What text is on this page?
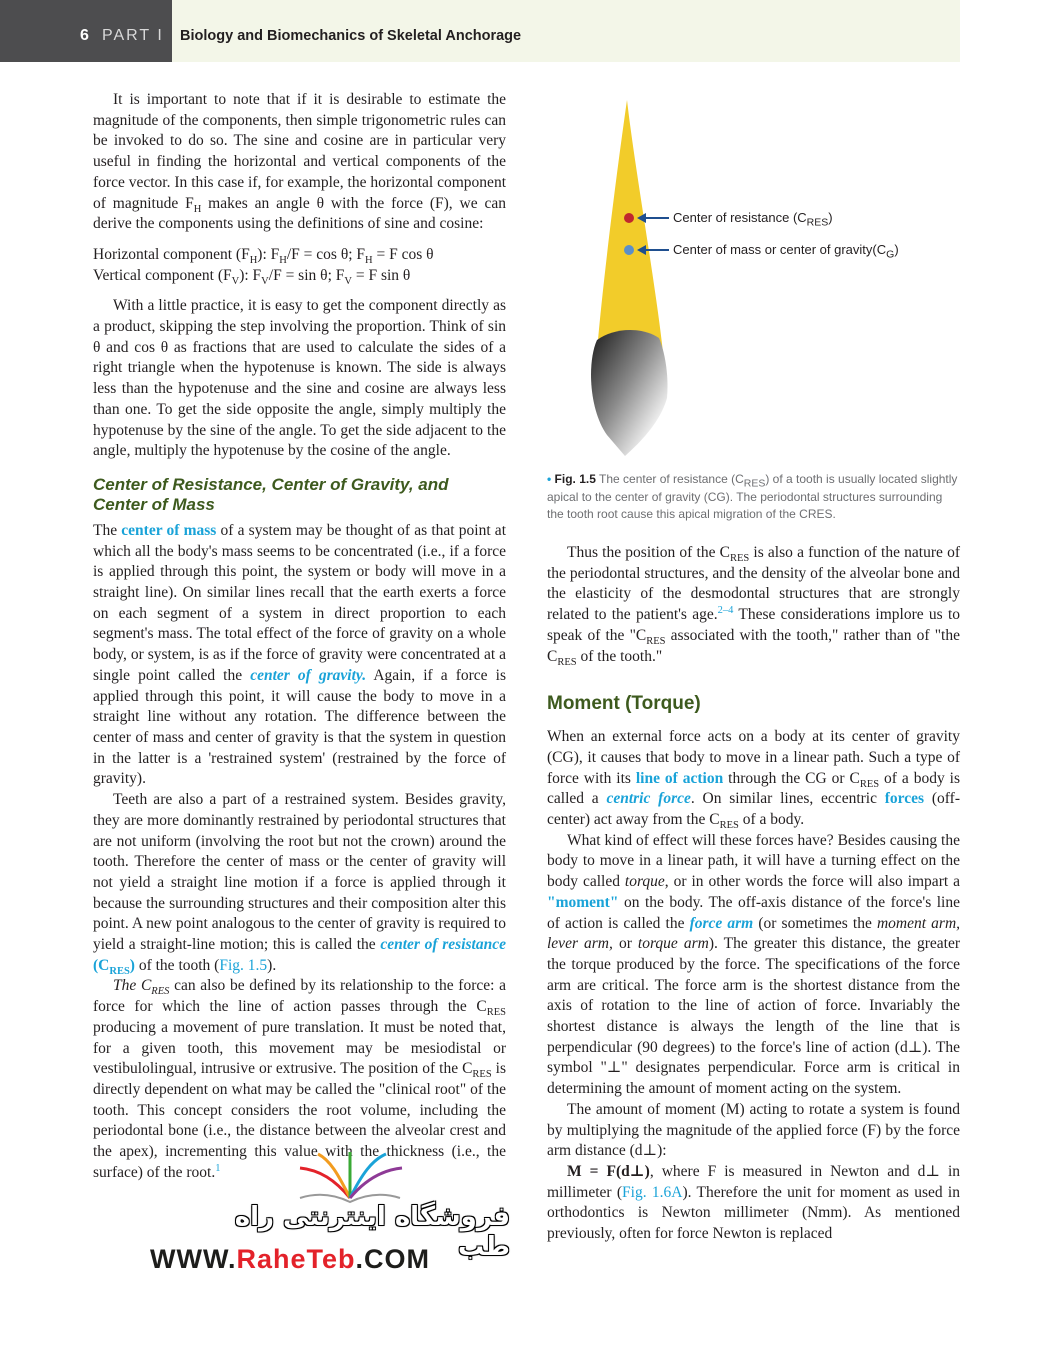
6 PART I Biology and Biomechanics of Skeletal Anchorage

It is important to note that if it is desirable to estimate the magnitude of the components, then simple trigonometric rules can be invoked to do so. The sine and cosine are in particular very useful in finding the horizontal and vertical components of the force vector. In this case if, for example, the horizontal component of magnitude $F_H$ makes an angle θ with the force (F), we can derive the components using the definitions of sine and cosine:

Horizontal component $(F_H)$: $F_H/F = \cos \theta$; $F_H = F$ cos θ
Vertical component $(F_V)$: $F_V/F = \sin \theta$; $F_V = F$ sin θ

With a little practice, it is easy to get the component directly as a product, skipping the step involving the proportion. Think of sin θ and cos θ as fractions that are used to calculate the sides of a right triangle when the hypotenuse is known. The side is always less than the hypotenuse and the sine and cosine are always less than one. To get the side opposite the angle, simply multiply the hypotenuse by the sine of the angle. To get the side adjacent to the angle, multiply the hypotenuse by the cosine of the angle.

Center of Resistance, Center of Gravity, and Center of Mass

The center of mass of a system may be thought of as that point at which all the body's mass seems to be concentrated (i.e., if a force is applied through this point, the system or body will move in a straight line). On similar lines recall that the earth exerts a force on each segment of a system in direct proportion to each segment's mass. The total effect of the force of gravity on a whole body, or system, is as if the force of gravity were concentrated at a single point called the center of gravity. Again, if a force is applied through this point, it will cause the body to move in a straight line without any rotation. The difference between the center of mass and center of gravity is that the system in question in the latter is a 'restrained system' (restrained by the force of gravity).

Teeth are also a part of a restrained system. Besides gravity, they are more dominantly restrained by periodontal structures that are not uniform (involving the root but not the crown) around the tooth. Therefore the center of mass or the center of gravity will not yield a straight line motion if a force is applied through it because the surrounding structures and their composition alter this point. A new point analogous to the center of gravity is required to yield a straight-line motion; this is called the center of resistance $(C_{RES})$ of the tooth (Fig. 1.5).

The $C_{RES}$ can also be defined by its relationship to the force: a force for which the line of action passes through the $C_{RES}$ producing a movement of pure translation. It must be noted that, for a given tooth, this movement may be mesiodistal or vestibulolingual, intrusive or extrusive. The position of the $C_{RES}$ is directly dependent on what may be called the "clinical root" of the tooth. This concept considers the root volume, including the periodontal bone (i.e., the distance between the alveolar crest and the apex), incrementing this value with the thickness (i.e., the surface) of the root.$^1$

Center of resistance $(C_{RES})$
Center of mass or center of $gravity(C_G)$
• Fig. 1.5 The center of resistance $(C_{RES})$ of a tooth is usually located slightly apical to the center of gravity (CG). The periodontal structures surrounding the tooth root cause this apical migration of the CRES.

Thus the position of the $C_{RES}$ is also a function of the nature of the periodontal structures, and the density of the alveolar bone and the elasticity of the desmodontal structures that are strongly related to the patient's age.$^{2-4}$ These considerations implore us to speak of the "$C_{RES}$ associated with the tooth," rather than of "the $C_{RES}$ of the tooth."

Moment (Torque)

When an external force acts on a body at its center of gravity (CG), it causes that body to move in a linear path. Such a type of force with its line of action through the CG or $C_{RES}$ of a body is called a centric force. On similar lines, eccentric forces (off-center) act away from the $C_{RES}$ of a body.

What kind of effect will these forces have? Besides causing the body to move in a linear path, it will have a turning effect on the body called torque, or in other words the force will also impart a "moment" on the body. The off-axis distance of the force's line of action is called the force arm (or sometimes the moment arm, lever arm, or torque arm). The greater this distance, the greater the torque produced by the force. The specifications of the force arm are critical. The force arm is the shortest distance from the axis of rotation to the line of action of force. Invariably the shortest distance is always the length of the line that is perpendicular (90 degrees) to the force's line of action (d⊥). The symbol "⊥" designates perpendicular. Force arm is critical in determining the amount of moment acting on the system.

The amount of moment (M) acting to rotate a system is found by multiplying the magnitude of the applied force (F) by the force arm distance (d⊥):

M = F(d⊥), where F is measured in Newton and d⊥ in millimeter (Fig. 1.6A). Therefore the unit for moment as used in orthodontics is Newton millimeter (Nmm). As mentioned previously, often for force Newton is replaced

فروشگاه اینترنتی راه طب
WWW.RaheTeb.COM
